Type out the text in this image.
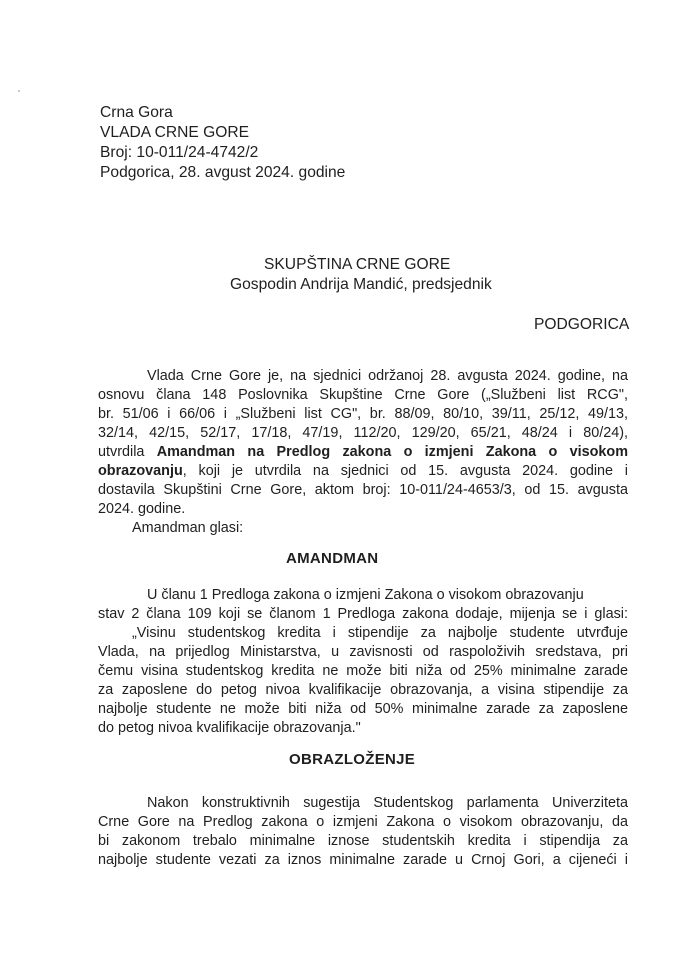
Crna Gora
VLADA CRNE GORE
Broj: 10-011/24-4742/2
Podgorica, 28. avgust 2024. godine
SKUPŠTINA CRNE GORE
Gospodin Andrija Mandić, predsjednik
PODGORICA
Vlada Crne Gore je, na sjednici održanoj 28. avgusta 2024. godine, na
osnovu člana 148 Poslovnika Skupštine Crne Gore („Službeni list RCG",
br. 51/06 i 66/06 i „Službeni list CG", br. 88/09, 80/10, 39/11, 25/12, 49/13,
32/14, 42/15, 52/17, 17/18, 47/19, 112/20, 129/20, 65/21, 48/24 i 80/24),
utvrdila Amandman na Predlog zakona o izmjeni Zakona o visokom
obrazovanju, koji je utvrdila na sjednici od 15. avgusta 2024. godine i
dostavila Skupštini Crne Gore, aktom broj: 10-011/24-4653/3, od 15. avgusta
2024. godine.
Amandman glasi:
AMANDMAN
U članu 1 Predloga zakona o izmjeni Zakona o visokom obrazovanju
stav 2 člana 109 koji se članom 1 Predloga zakona dodaje, mijenja se i glasi:
„Visinu studentskog kredita i stipendije za najbolje studente utvrđuje
Vlada, na prijedlog Ministarstva, u zavisnosti od raspoloživih sredstava, pri
čemu visina studentskog kredita ne može biti niža od 25% minimalne zarade
za zaposlene do petog nivoa kvalifikacije obrazovanja, a visina stipendije za
najbolje studente ne može biti niža od 50% minimalne zarade za zaposlene
do petog nivoa kvalifikacije obrazovanja."
OBRAZLOŽENJE
Nakon konstruktivnih sugestija Studentskog parlamenta Univerziteta
Crne Gore na Predlog zakona o izmjeni Zakona o visokom obrazovanju, da
bi zakonom trebalo minimalne iznose studentskih kredita i stipendija za
najbolje studente vezati za iznos minimalne zarade u Crnoj Gori, a cijeneći i
